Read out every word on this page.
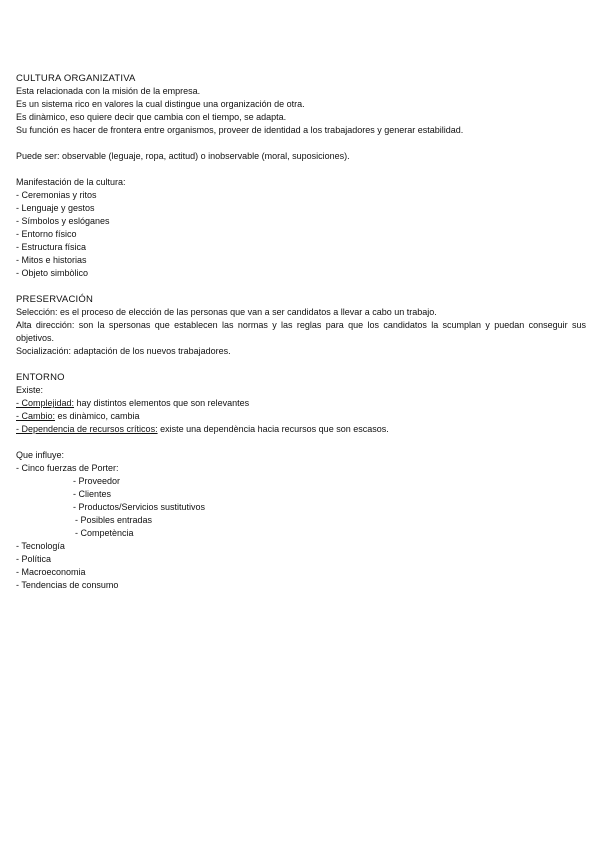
CULTURA ORGANIZATIVA
Esta relacionada con la misión de la empresa.
Es un sistema rico en valores la cual distingue una organización de otra.
Es dinàmico, eso quiere decir que cambia con el tiempo, se adapta.
Su función es hacer de frontera entre organismos, proveer de identidad a los trabajadores y generar estabilidad.
Puede ser: observable (leguaje, ropa, actitud) o inobservable (moral, suposiciones).
Manifestación de la cultura:
- Ceremonias y ritos
- Lenguaje y gestos
- Símbolos y eslóganes
- Entorno físico
- Estructura física
- Mitos e historias
- Objeto simbòlico
PRESERVACIÓN
Selección: es el proceso de elección de las personas que van a ser candidatos a llevar a cabo un trabajo.
Alta dirección: son la spersonas que establecen las normas y las reglas para que los candidatos la scumplan y puedan conseguir sus objetivos.
Socialización: adaptación de los nuevos trabajadores.
ENTORNO
Existe:
- Complejidad: hay distintos elementos que son relevantes
- Cambio: es dinàmico, cambia
- Dependencia de recursos críticos: existe una dependència hacia recursos que son escasos.
Que influye:
- Cinco fuerzas de Porter:
- Proveedor
- Clientes
- Productos/Servicios sustitutivos
- Posibles entradas
- Competència
- Tecnología
- Política
- Macroeconomia
- Tendencias de consumo
